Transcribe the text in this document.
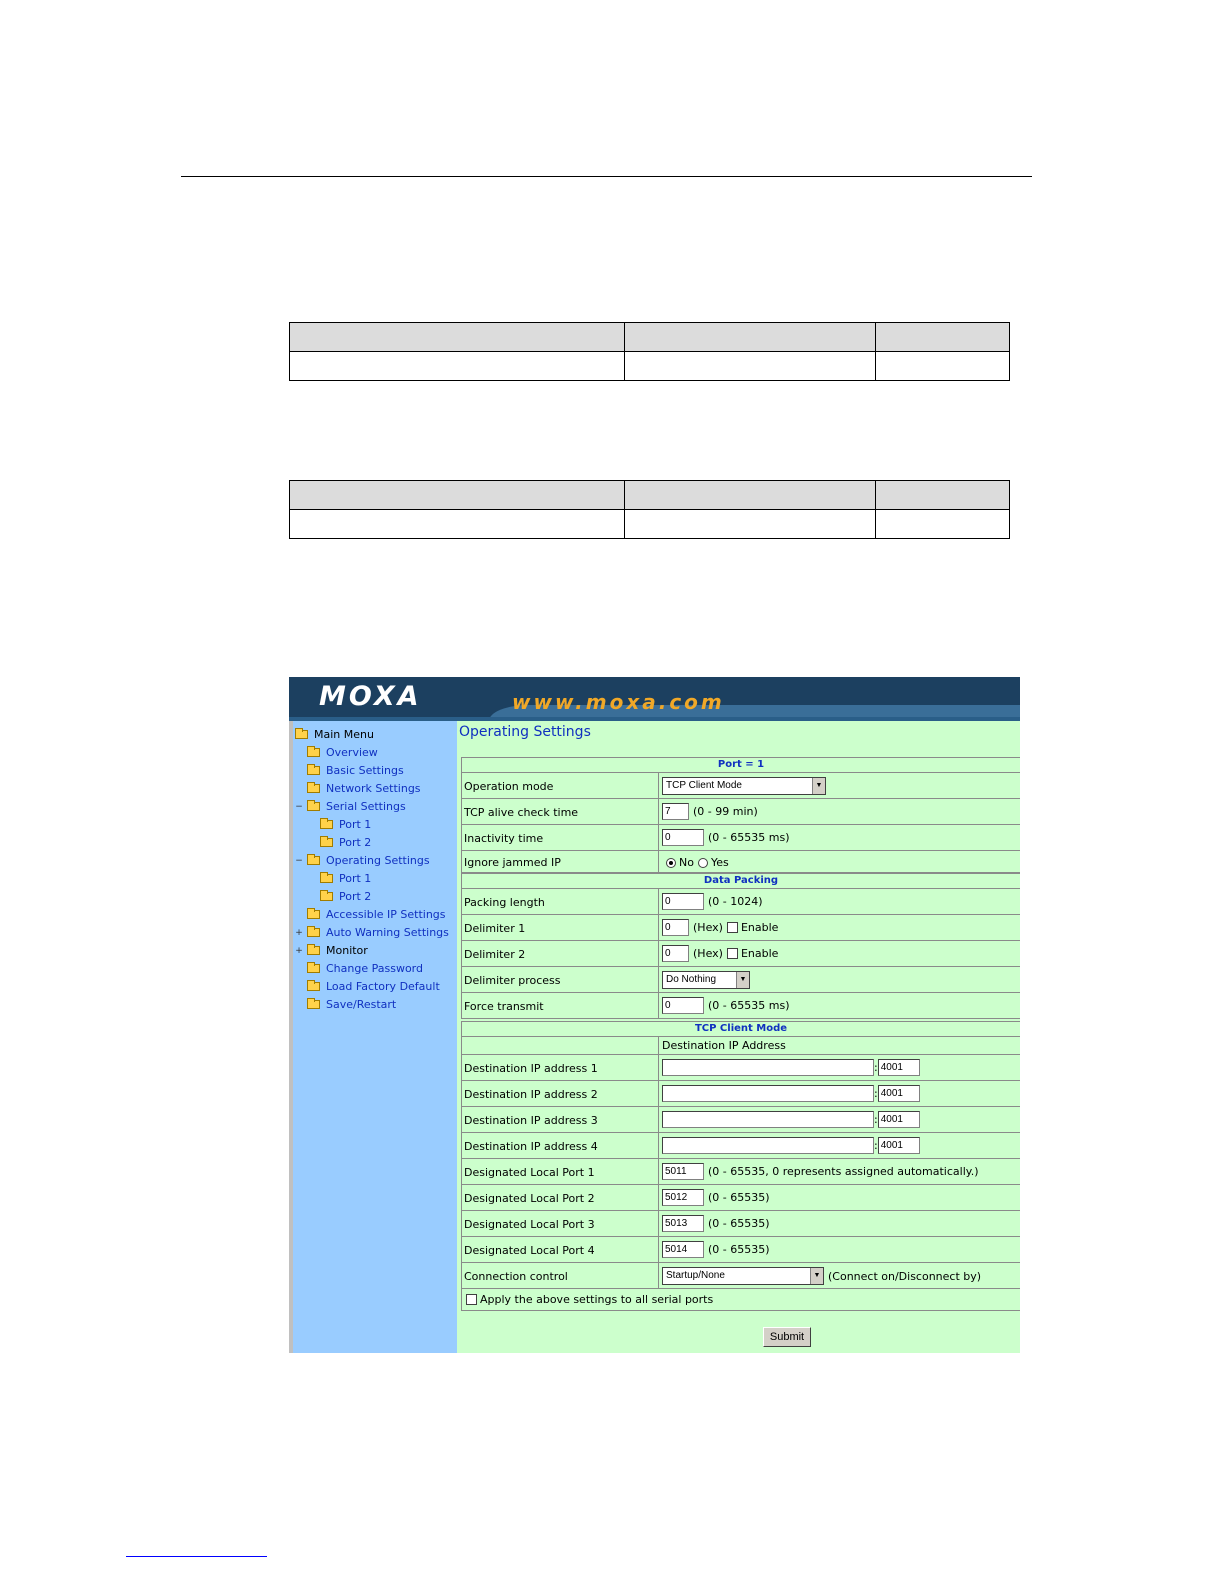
MOXA	www.moxa.com
Main Menu
Overview
Basic Settings
Network Settings
− Serial Settings
Port 1
Port 2
− Operating Settings
Port 1
Port 2
Accessible IP Settings
+ Auto Warning Settings
+ Monitor
Change Password
Load Factory Default
Save/Restart
Operating Settings
Port = 1
Operation mode	TCP Client Mode	▼
TCP alive check time	7	(0 - 99 min)
Inactivity time	0	(0 - 65535 ms)
Ignore jammed IP	No Yes
Data Packing
Packing length	0	(0 - 1024)
Delimiter 1	0	(Hex) Enable
Delimiter 2	0	(Hex) Enable
Delimiter process	Do Nothing	▼
Force transmit	0	(0 - 65535 ms)
TCP Client Mode
Destination IP Address
Destination IP address 1	: 4001
Destination IP address 2	: 4001
Destination IP address 3	: 4001
Destination IP address 4	: 4001
Designated Local Port 1	5011	(0 - 65535, 0 represents assigned automatically.)
Designated Local Port 2	5012	(0 - 65535)
Designated Local Port 3	5013	(0 - 65535)
Designated Local Port 4	5014	(0 - 65535)
Connection control	Startup/None	▼ (Connect on/Disconnect by)
Apply the above settings to all serial ports
Submit
